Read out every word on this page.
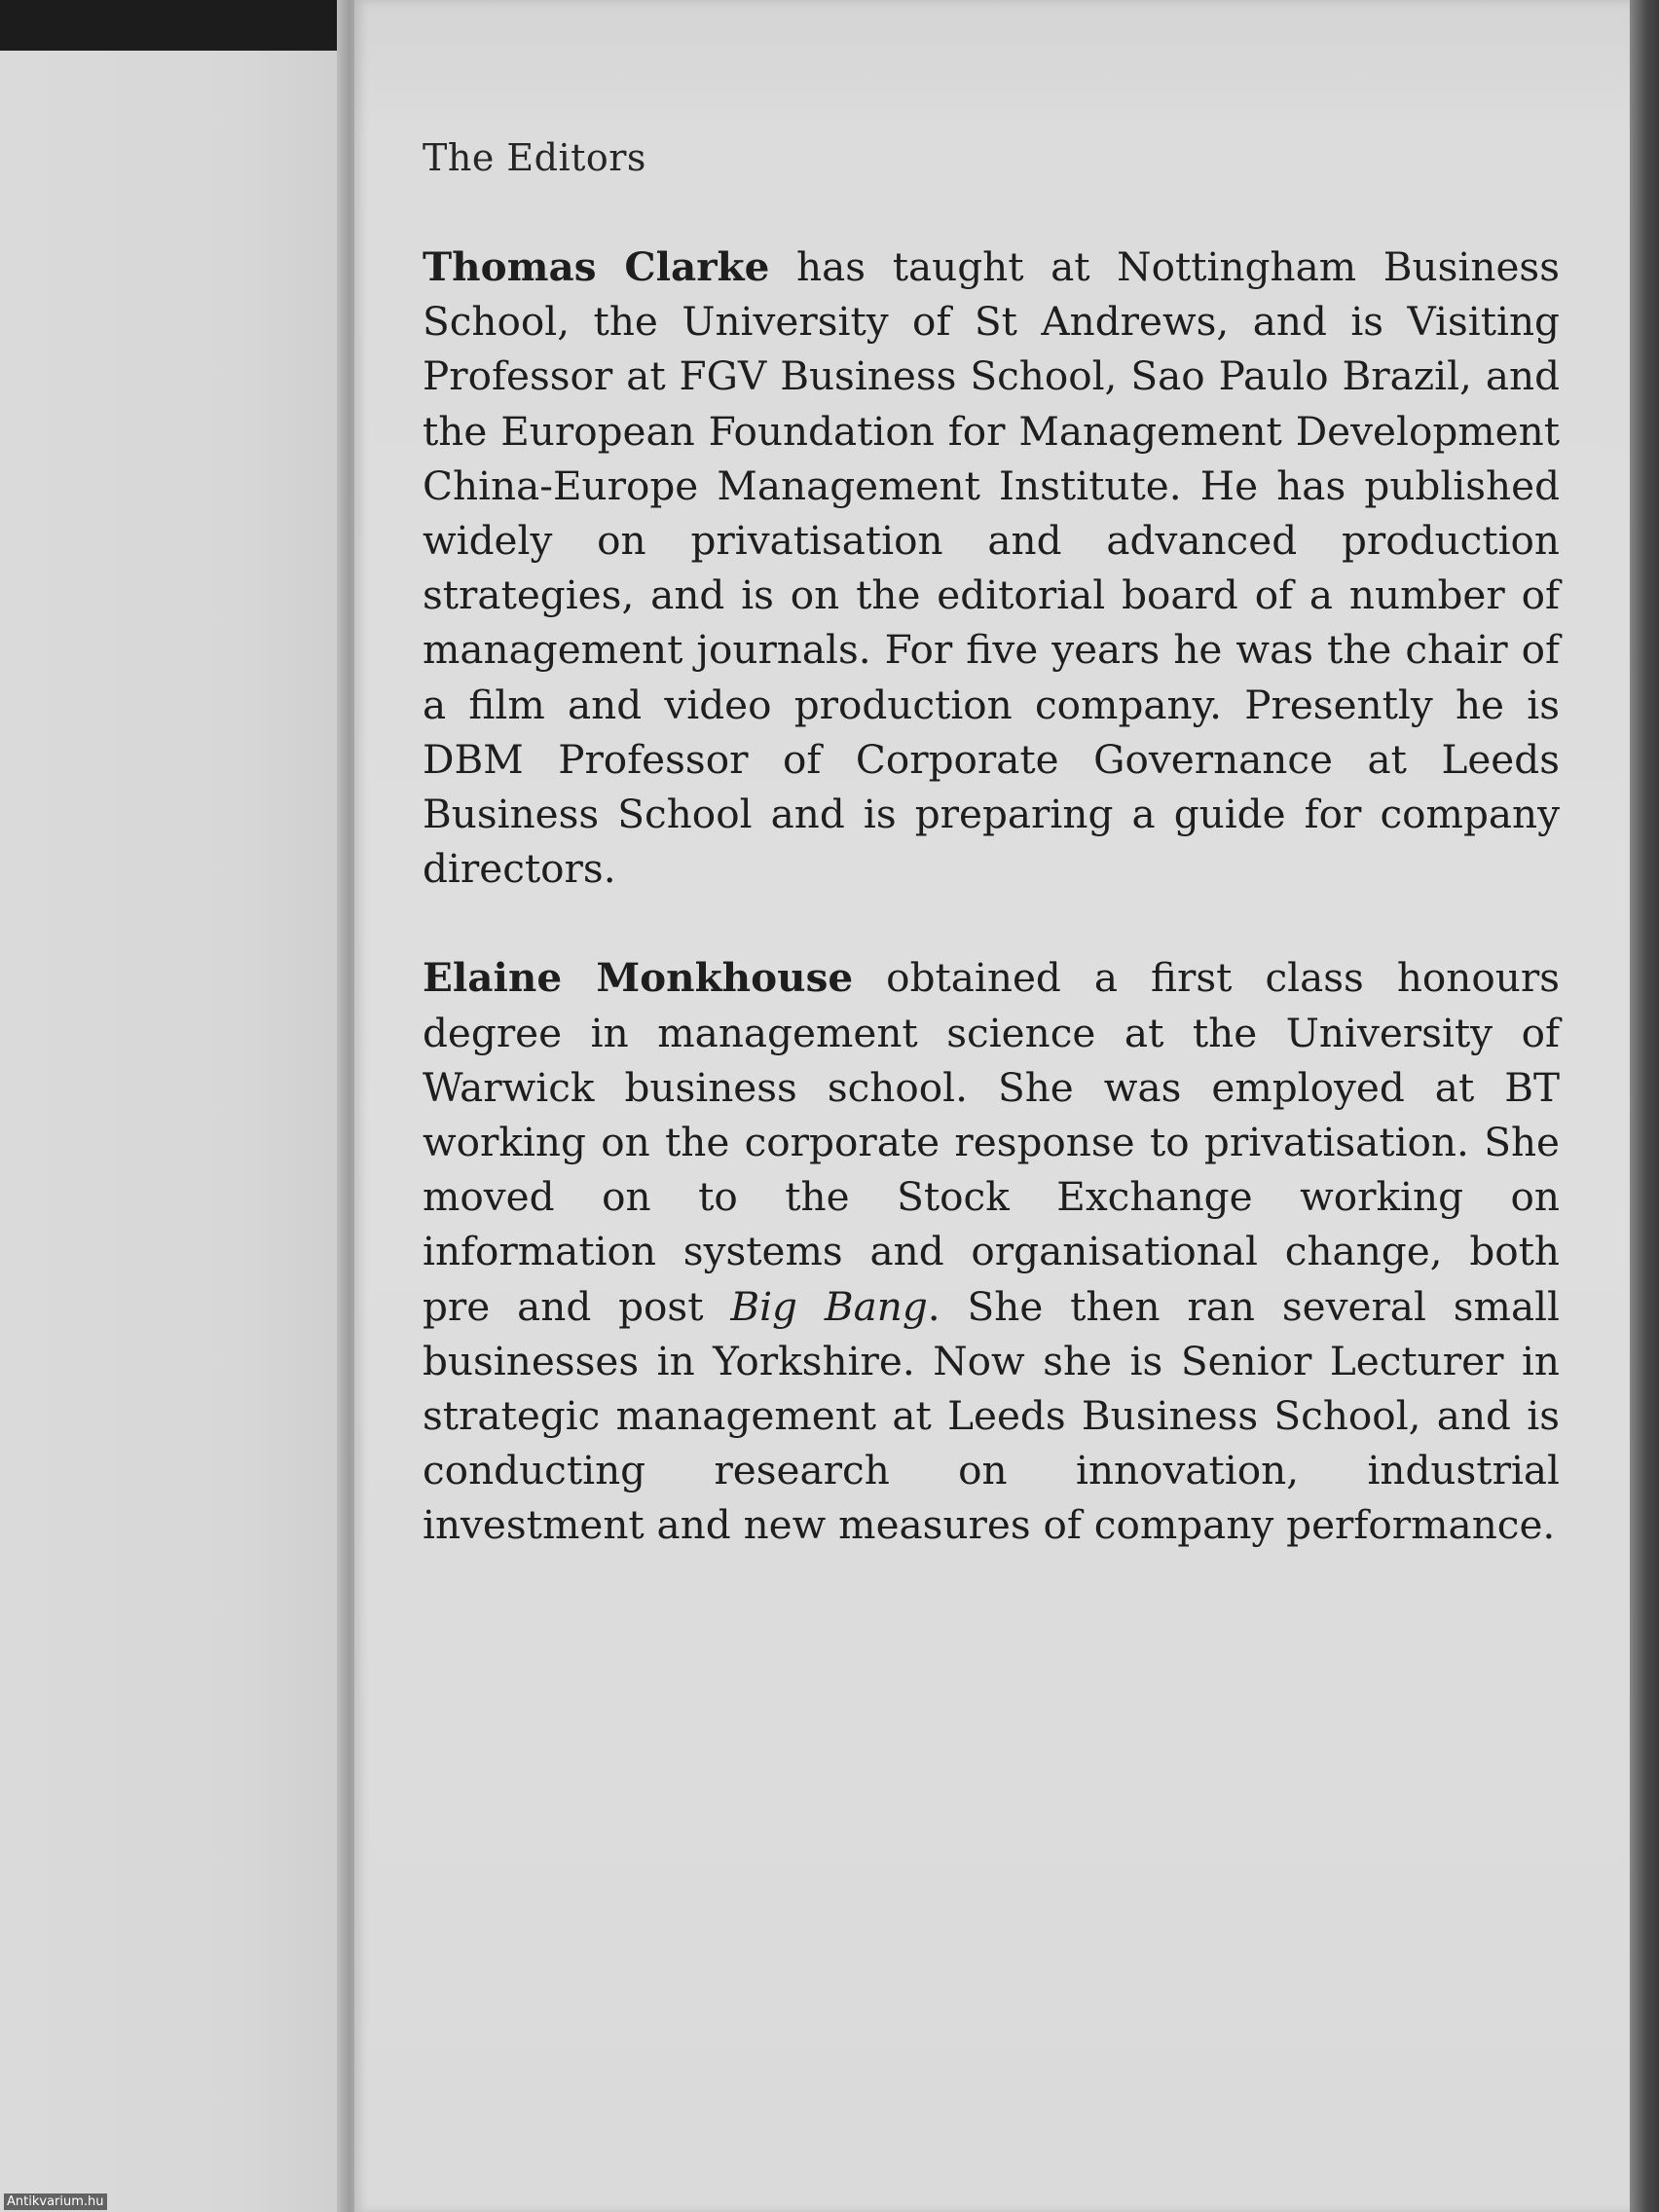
The Editors

Thomas Clarke has taught at Nottingham Business School, the University of St Andrews, and is Visiting Professor at FGV Business School, Sao Paulo Brazil, and the European Foundation for Management Development China-Europe Management Institute. He has published widely on privatisation and advanced production strategies, and is on the editorial board of a number of management journals. For five years he was the chair of a film and video production company. Presently he is DBM Professor of Corporate Governance at Leeds Business School and is preparing a guide for company directors.

Elaine Monkhouse obtained a first class honours degree in management science at the University of Warwick business school. She was employed at BT working on the corporate response to privatisation. She moved on to the Stock Exchange working on information systems and organisational change, both pre and post Big Bang. She then ran several small businesses in Yorkshire. Now she is Senior Lecturer in strategic management at Leeds Business School, and is conducting research on innovation, industrial investment and new measures of company performance.

Antikvarium.hu
